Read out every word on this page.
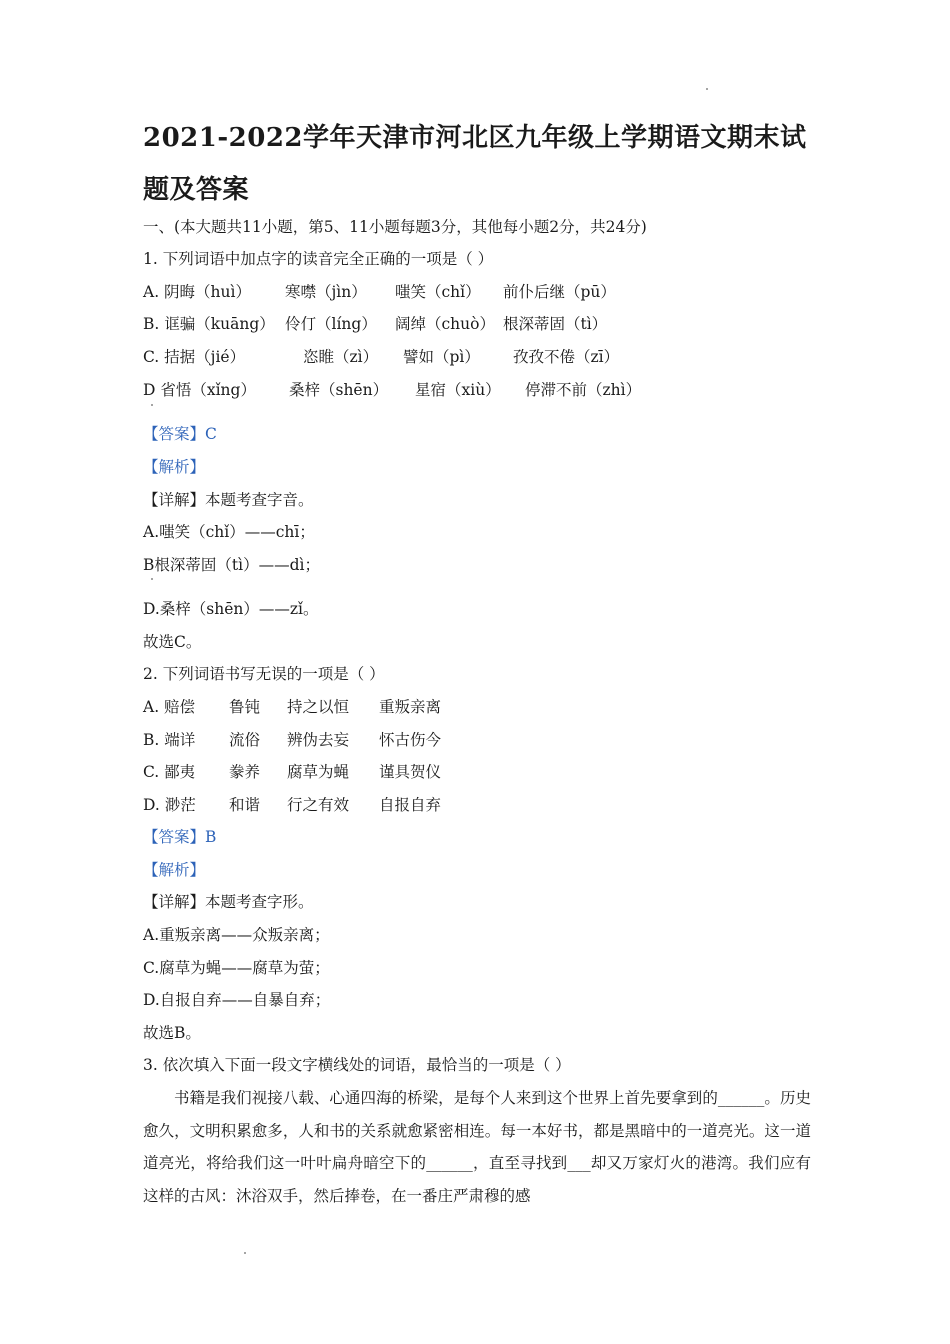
2021-2022学年天津市河北区九年级上学期语文期末试题及答案
一、(本大题共11小题，第5、11小题每题3分，其他每小题2分，共24分)
1. 下列词语中加点字的读音完全正确的一项是（ ）
A. 阴晦（huì） 寒噤（jìn） 嗤笑（chǐ） 前仆后继（pū）
B. 诓骗（kuāng） 伶仃（líng） 阔绰（chuò） 根深蒂固（tì）
C. 拮据（jié）	恣睢（zì） 譬如（pì） 孜孜不倦（zī）
D 省悟（xǐng） 桑梓（shēn） 星宿（xiù） 停滞不前（zhì）
【答案】C
【解析】
【详解】本题考查字音。
A.嗤笑（chǐ）——chī；
B根深蒂固（tì）——dì；
D.桑梓（shēn）——zǐ。
故选C。
2. 下列词语书写无误的一项是（ ）
A. 赔偿 鲁钝 持之以恒 重叛亲离
B. 端详 流俗 辨伪去妄 怀古伤今
C. 鄙夷 豢养 腐草为蝇 谨具贺仪
D. 渺茫 和谐 行之有效 自报自弃
【答案】B
【解析】
【详解】本题考查字形。
A.重叛亲离——众叛亲离；
C.腐草为蝇——腐草为萤；
D.自报自弃——自暴自弃；
故选B。
3. 依次填入下面一段文字横线处的词语，最恰当的一项是（ ）
书籍是我们视接八载、心通四海的桥梁，是每个人来到这个世界上首先要拿到的______。历史愈久，文明积累愈多，人和书的关系就愈紧密相连。每一本好书，都是黑暗中的一道亮光。这一道道亮光，将给我们这一叶叶扁舟暗空下的______，直至寻找到___却又万家灯火的港湾。我们应有这样的古风：沐浴双手，然后捧卷，在一番庄严肃穆的感
